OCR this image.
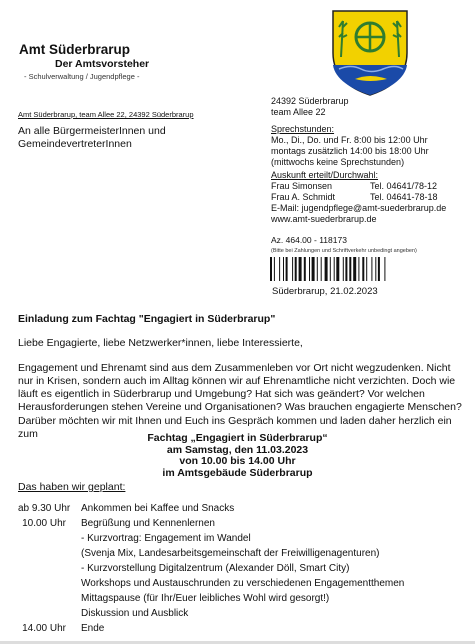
Amt Süderbrarup
Der Amtsvorsteher
- Schulverwaltung / Jugendpflege -
Amt Süderbrarup, team Allee 22, 24392 Süderbrarup
An alle BürgermeisterInnen und GemeindevertreterInnen
24392 Süderbrarup
team Allee 22
Sprechstunden:
Mo., Di., Do. und Fr. 8:00 bis 12:00 Uhr
montags zusätzlich 14:00 bis 18:00 Uhr
(mittwochs keine Sprechstunden)
Auskunft erteilt/Durchwahl:
Frau Simonsen	Tel. 04641/78-12
Frau A. Schmidt	Tel. 04641-78-18
E-Mail: jugendpflege@amt-suederbrarup.de
www.amt-suederbrarup.de
Az. 464.00 - 118173
(Bitte bei Zahlungen und Schriftverkehr unbedingt angeben)
Süderbrarup, 21.02.2023
Einladung zum Fachtag "Engagiert in Süderbrarup"
Liebe Engagierte, liebe Netzwerker*innen, liebe Interessierte,
Engagement und Ehrenamt sind aus dem Zusammenleben vor Ort nicht wegzudenken. Nicht nur in Krisen, sondern auch im Alltag können wir auf Ehrenamtliche nicht verzichten. Doch wie läuft es eigentlich in Süderbrarup und Umgebung? Hat sich was geändert? Vor welchen Herausforderungen stehen Vereine und Organisationen? Was brauchen engagierte Menschen?
Darüber möchten wir mit Ihnen und Euch ins Gespräch kommen und laden daher herzlich ein zum	Fachtag „Engagiert in Süderbrarup“
am Samstag, den 11.03.2023
von 10.00 bis 14.00 Uhr
im Amtsgebäude Süderbrarup
Das haben wir geplant:
ab 9.30 Uhr Ankommen bei Kaffee und Snacks
10.00 Uhr Begrüßung und Kennenlernen
- Kurzvortrag: Engagement im Wandel
(Svenja Mix, Landesarbeitsgemeinschaft der Freiwilligenagenturen)
- Kurzvorstellung Digitalzentrum (Alexander Döll, Smart City)
Workshops und Austauschrunden zu verschiedenen Engagementthemen
Mittagspause (für Ihr/Euer leibliches Wohl wird gesorgt!)
Diskussion und Ausblick
14.00 Uhr Ende
